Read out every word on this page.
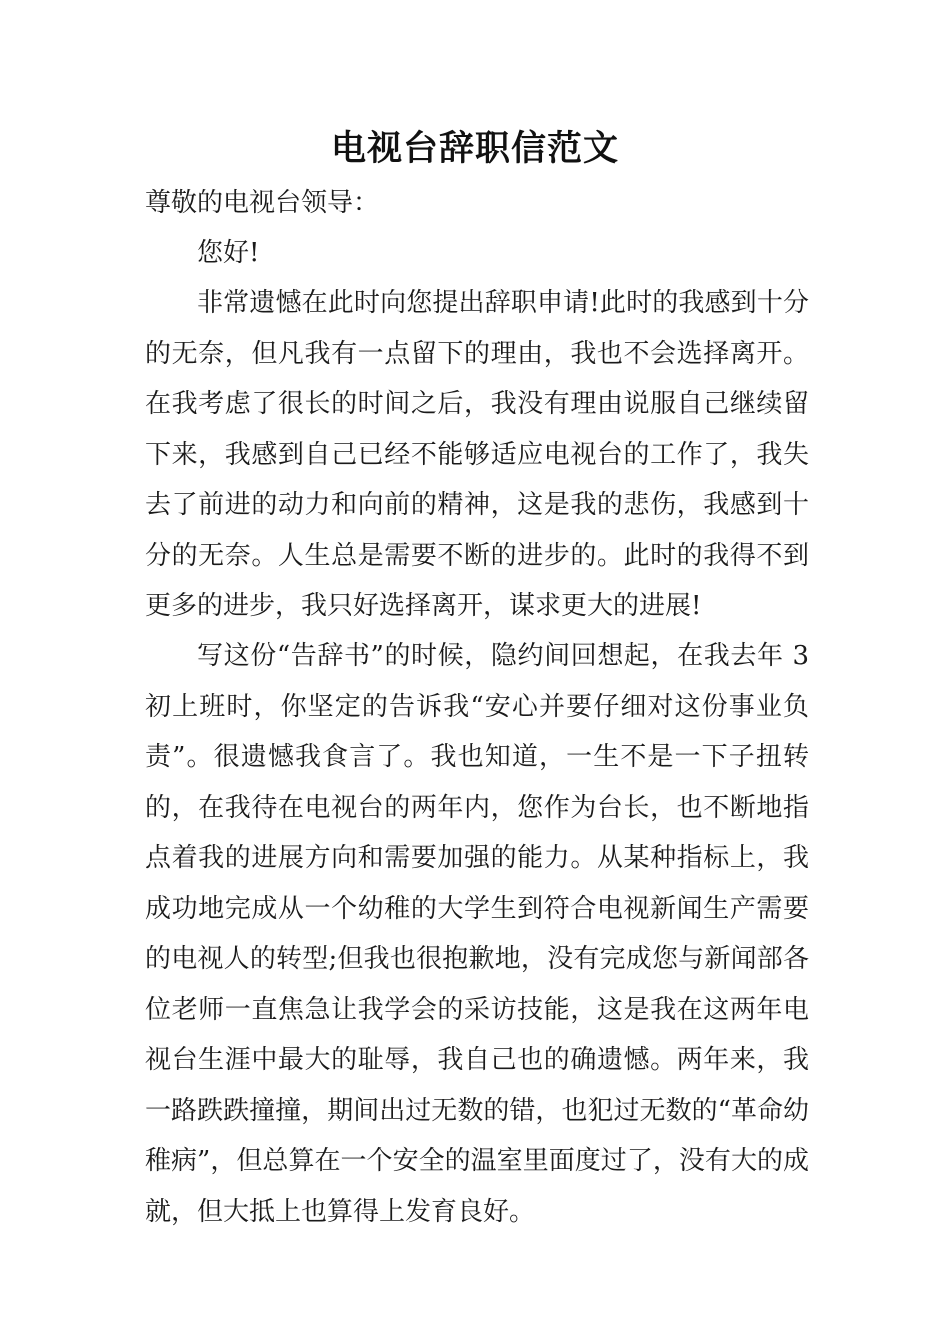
电视台辞职信范文

尊敬的电视台领导：

您好!

非常遗憾在此时向您提出辞职申请!此时的我感到十分的无奈，但凡我有一点留下的理由，我也不会选择离开。在我考虑了很长的时间之后，我没有理由说服自己继续留下来，我感到自己已经不能够适应电视台的工作了，我失去了前进的动力和向前的精神，这是我的悲伤，我感到十分的无奈。人生总是需要不断的进步的。此时的我得不到更多的进步，我只好选择离开，谋求更大的进展!

写这份“告辞书”的时候，隐约间回想起，在我去年 3 初上班时，你坚定的告诉我“安心并要仔细对这份事业负责”。很遗憾我食言了。我也知道，一生不是一下子扭转的，在我待在电视台的两年内，您作为台长，也不断地指点着我的进展方向和需要加强的能力。从某种指标上，我成功地完成从一个幼稚的大学生到符合电视新闻生产需要的电视人的转型;但我也很抱歉地，没有完成您与新闻部各位老师一直焦急让我学会的采访技能，这是我在这两年电视台生涯中最大的耻辱，我自己也的确遗憾。两年来，我一路跌跌撞撞，期间出过无数的错，也犯过无数的“革命幼稚病”，但总算在一个安全的温室里面度过了，没有大的成就，但大抵上也算得上发育良好。
